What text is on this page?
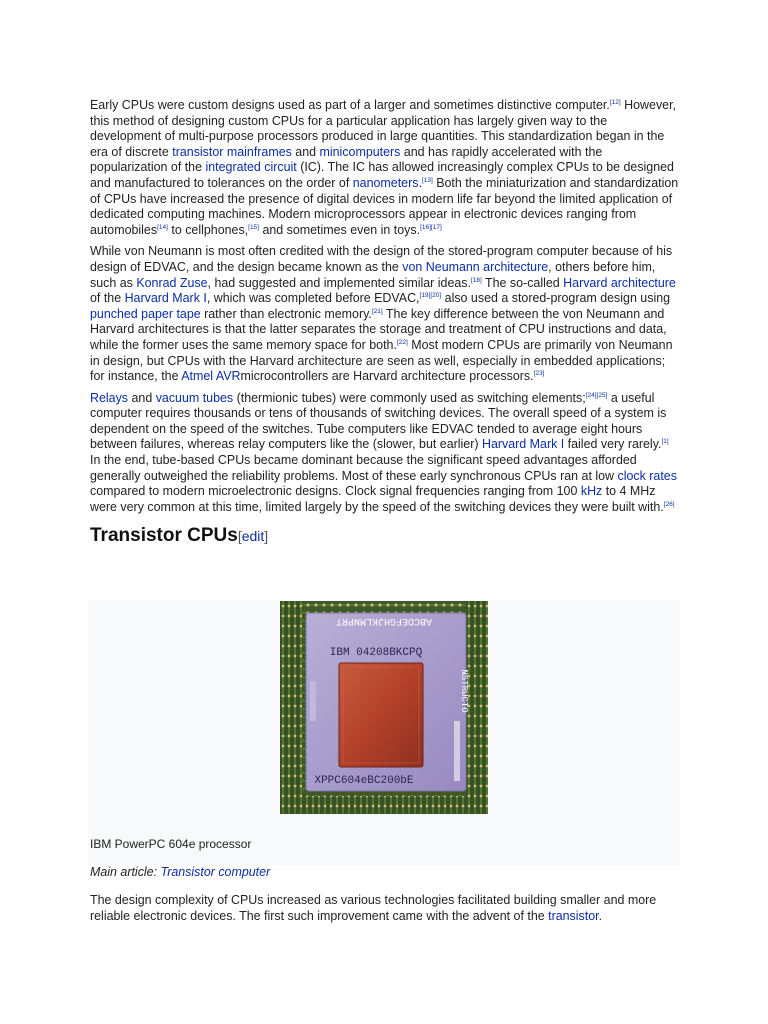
Early CPUs were custom designs used as part of a larger and sometimes distinctive computer.[12] However, this method of designing custom CPUs for a particular application has largely given way to the development of multi-purpose processors produced in large quantities. This standardization began in the era of discrete transistor mainframes and minicomputers and has rapidly accelerated with the popularization of the integrated circuit (IC). The IC has allowed increasingly complex CPUs to be designed and manufactured to tolerances on the order of nanometers.[13] Both the miniaturization and standardization of CPUs have increased the presence of digital devices in modern life far beyond the limited application of dedicated computing machines. Modern microprocessors appear in electronic devices ranging from automobiles[14] to cellphones,[15] and sometimes even in toys.[16][17]

While von Neumann is most often credited with the design of the stored-program computer because of his design of EDVAC, and the design became known as the von Neumann architecture, others before him, such as Konrad Zuse, had suggested and implemented similar ideas.[18] The so-called Harvard architecture of the Harvard Mark I, which was completed before EDVAC,[19][20] also used a stored-program design using punched paper tape rather than electronic memory.[21] The key difference between the von Neumann and Harvard architectures is that the latter separates the storage and treatment of CPU instructions and data, while the former uses the same memory space for both.[22] Most modern CPUs are primarily von Neumann in design, but CPUs with the Harvard architecture are seen as well, especially in embedded applications; for instance, the Atmel AVRmicrocontrollers are Harvard architecture processors.[23]

Relays and vacuum tubes (thermionic tubes) were commonly used as switching elements;[24][25] a useful computer requires thousands or tens of thousands of switching devices. The overall speed of a system is dependent on the speed of the switches. Tube computers like EDVAC tended to average eight hours between failures, whereas relay computers like the (slower, but earlier) Harvard Mark I failed very rarely.[1] In the end, tube-based CPUs became dominant because the significant speed advantages afforded generally outweighed the reliability problems. Most of these early synchronous CPUs ran at low clock rates compared to modern microelectronic designs. Clock signal frequencies ranging from 100 kHz to 4 MHz were very common at this time, limited largely by the speed of the switching devices they were built with.[26]

Transistor CPUs[edit]
ABCDEFGHJKLMNPRT
IBM 04208BKCPQ
XPPC604eBC200bE
NSTRUCTO
IBM PowerPC 604e processor
Main article: Transistor computer

The design complexity of CPUs increased as various technologies facilitated building smaller and more reliable electronic devices. The first such improvement came with the advent of the transistor.
